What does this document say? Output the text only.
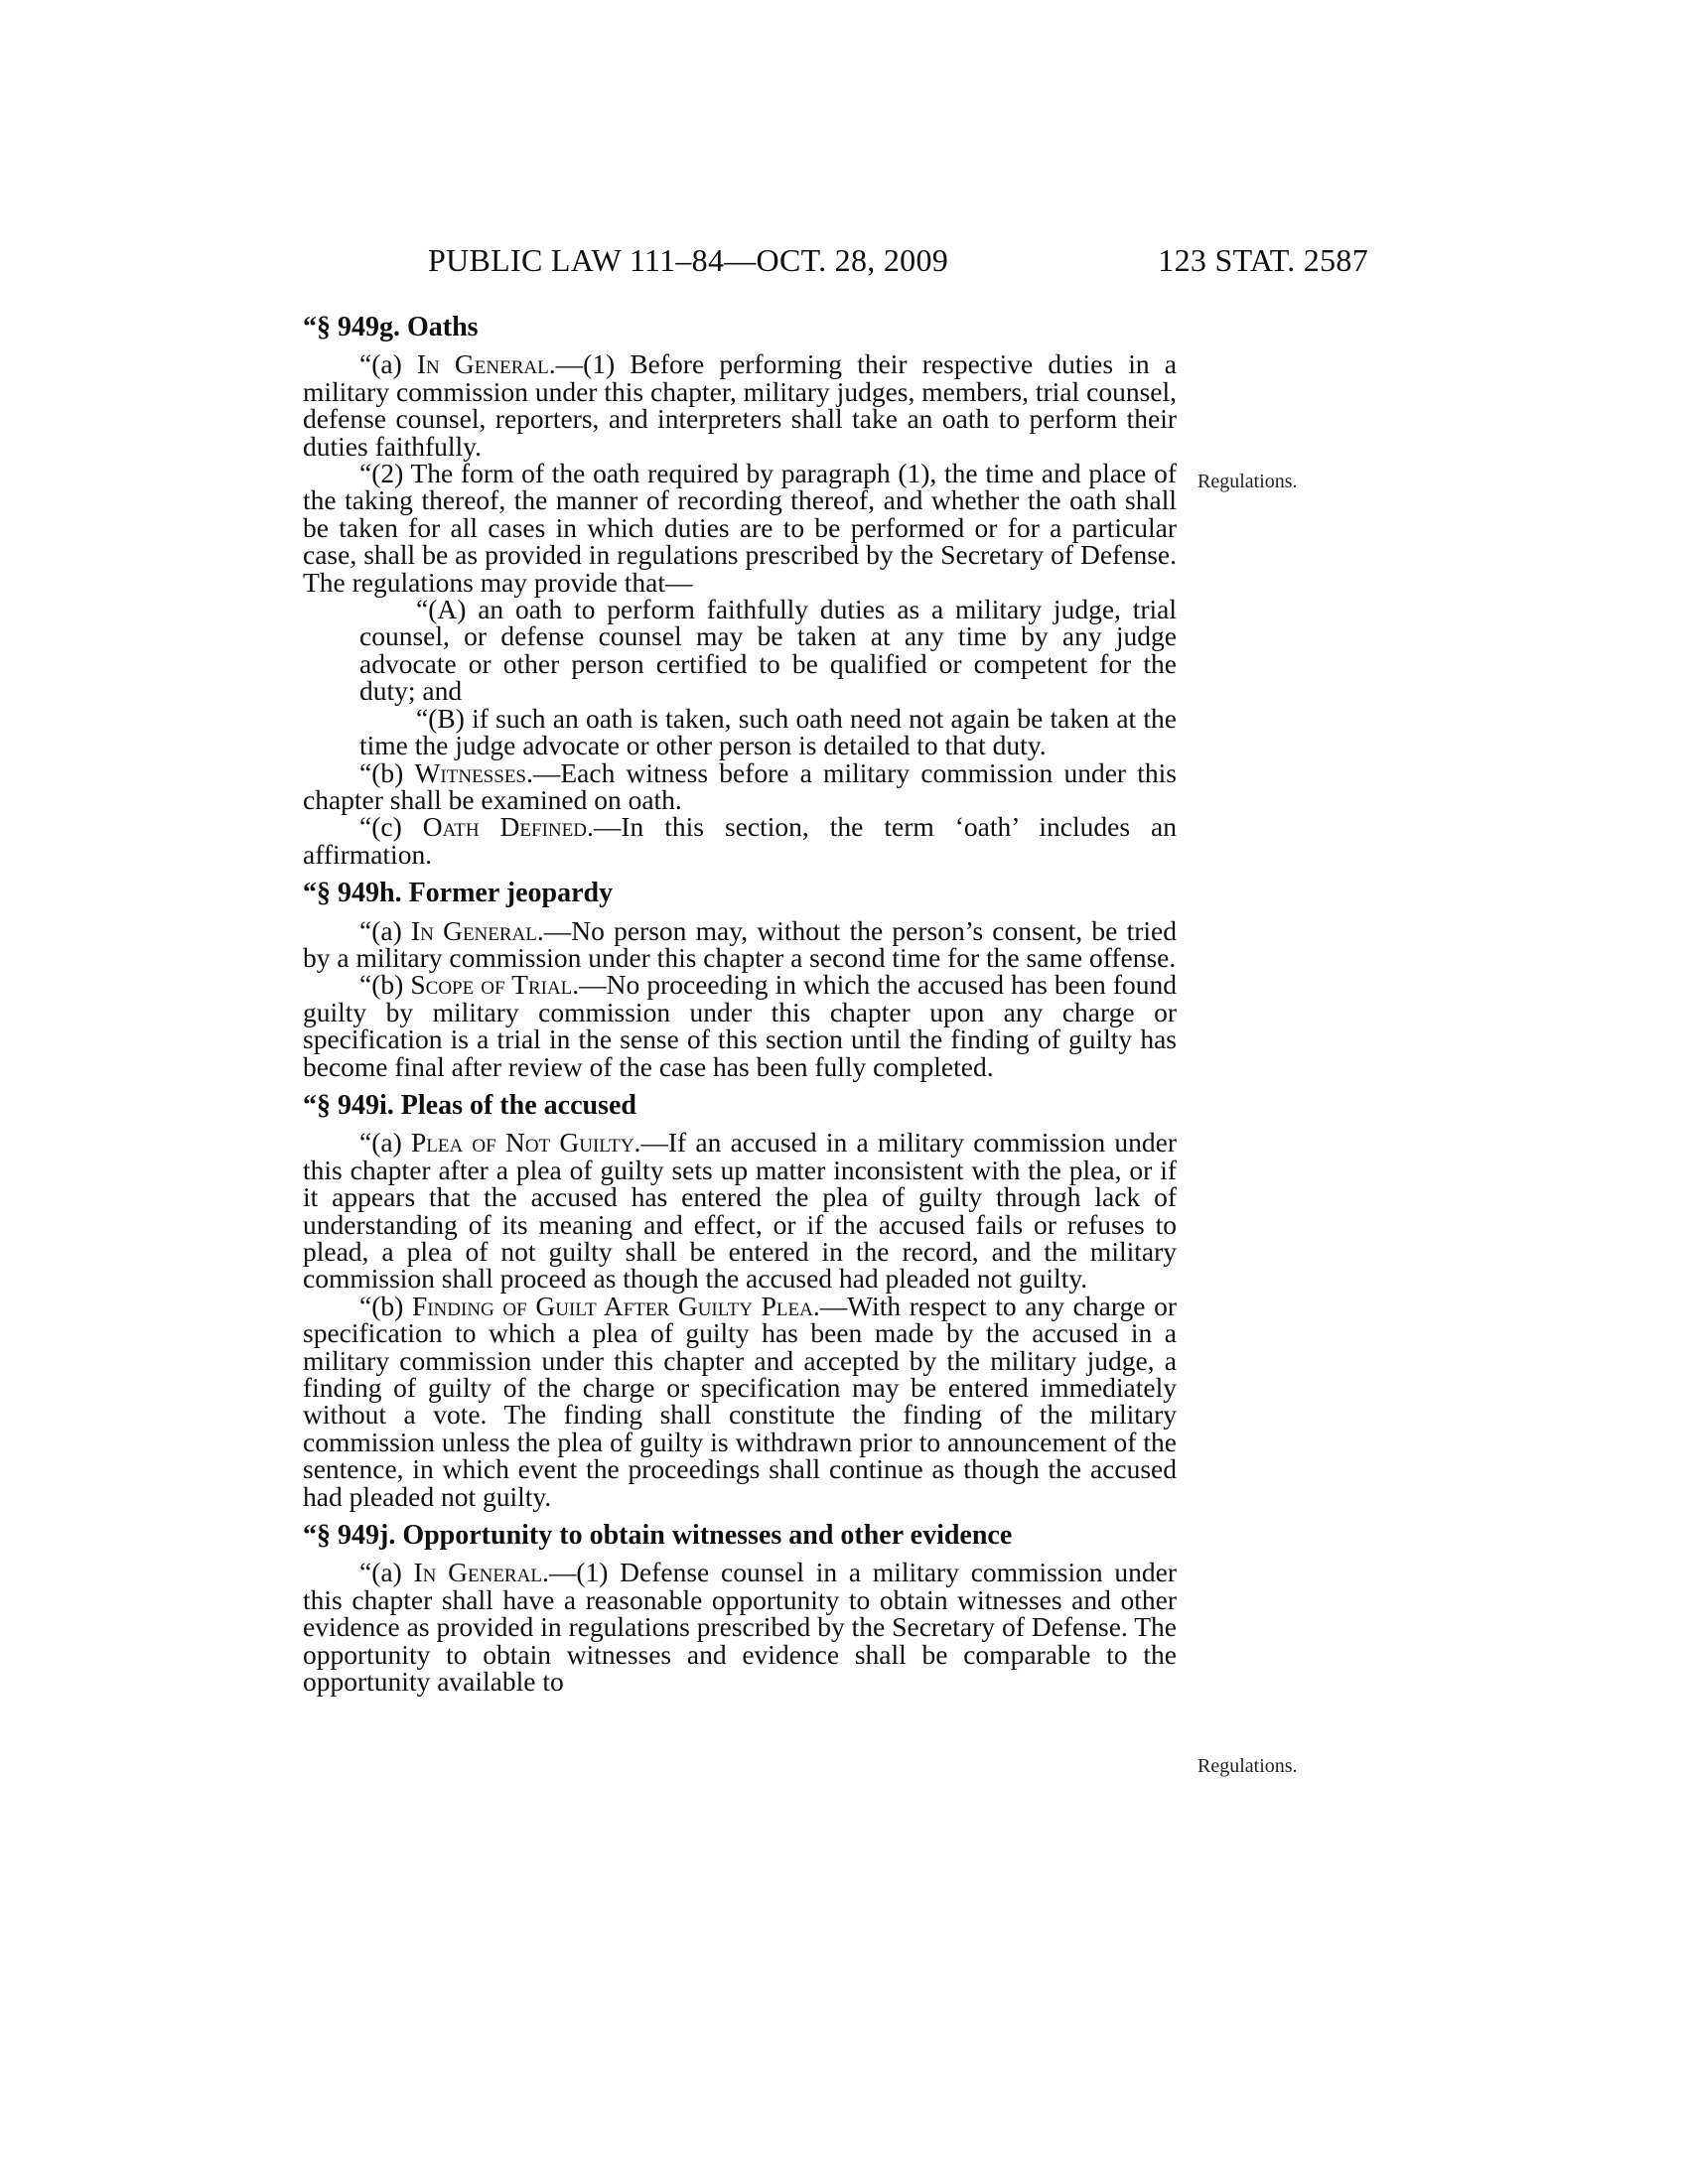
PUBLIC LAW 111–84—OCT. 28, 2009	123 STAT. 2587
Regulations.
Regulations.
“§ 949g. Oaths

“(a) In General.—(1) Before performing their respective duties in a military commission under this chapter, military judges, members, trial counsel, defense counsel, reporters, and interpreters shall take an oath to perform their duties faithfully.

“(2) The form of the oath required by paragraph (1), the time and place of the taking thereof, the manner of recording thereof, and whether the oath shall be taken for all cases in which duties are to be performed or for a particular case, shall be as provided in regulations prescribed by the Secretary of Defense. The regulations may provide that—

“(A) an oath to perform faithfully duties as a military judge, trial counsel, or defense counsel may be taken at any time by any judge advocate or other person certified to be qualified or competent for the duty; and

“(B) if such an oath is taken, such oath need not again be taken at the time the judge advocate or other person is detailed to that duty.

“(b) Witnesses.—Each witness before a military commission under this chapter shall be examined on oath.

“(c) Oath Defined.—In this section, the term ‘oath’ includes an affirmation.

“§ 949h. Former jeopardy

“(a) In General.—No person may, without the person’s consent, be tried by a military commission under this chapter a second time for the same offense.

“(b) Scope of Trial.—No proceeding in which the accused has been found guilty by military commission under this chapter upon any charge or specification is a trial in the sense of this section until the finding of guilty has become final after review of the case has been fully completed.

“§ 949i. Pleas of the accused

“(a) Plea of Not Guilty.—If an accused in a military commission under this chapter after a plea of guilty sets up matter inconsistent with the plea, or if it appears that the accused has entered the plea of guilty through lack of understanding of its meaning and effect, or if the accused fails or refuses to plead, a plea of not guilty shall be entered in the record, and the military commission shall proceed as though the accused had pleaded not guilty.

“(b) Finding of Guilt After Guilty Plea.—With respect to any charge or specification to which a plea of guilty has been made by the accused in a military commission under this chapter and accepted by the military judge, a finding of guilty of the charge or specification may be entered immediately without a vote. The finding shall constitute the finding of the military commission unless the plea of guilty is withdrawn prior to announcement of the sentence, in which event the proceedings shall continue as though the accused had pleaded not guilty.

“§ 949j. Opportunity to obtain witnesses and other evidence

“(a) In General.—(1) Defense counsel in a military commission under this chapter shall have a reasonable opportunity to obtain witnesses and other evidence as provided in regulations prescribed by the Secretary of Defense. The opportunity to obtain witnesses and evidence shall be comparable to the opportunity available to
